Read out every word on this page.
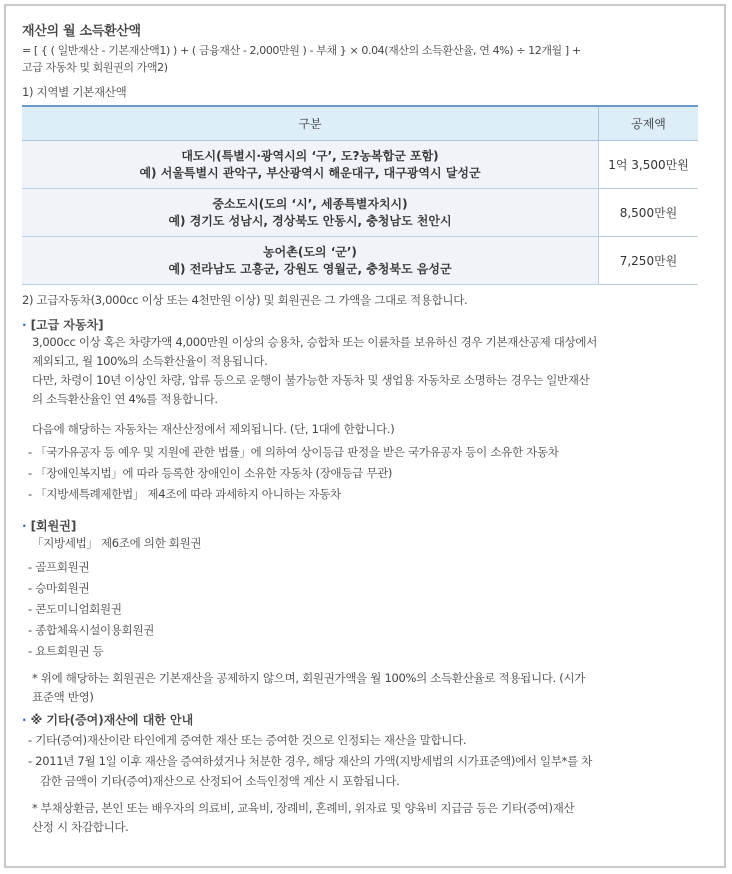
재산의 월 소득환산액
= [ { ( 일반재산 - 기본재산액1) ) + ( 금융재산 - 2,000만원 ) - 부채 } × 0.04(재산의 소득환산율, 연 4%) ÷ 12개월 ] +
고급 자동차 및 회원권의 가액2)
1) 지역별 기본재산액
구분	공제액

대도시(특별시·광역시의 ‘구’, 도?농복합군 포함)
예) 서울특별시 관악구, 부산광역시 해운대구, 대구광역시 달성군	1억 3,500만원

중소도시(도의 ‘시’, 세종특별자치시)
예) 경기도 성남시, 경상북도 안동시, 충청남도 천안시	8,500만원

농어촌(도의 ‘군’)
예) 전라남도 고흥군, 강원도 영월군, 충청북도 음성군	7,250만원
2) 고급자동차(3,000cc 이상 또는 4천만원 이상) 및 회원권은 그 가액을 그대로 적용합니다.
· [고급 자동차]
3,000cc 이상 혹은 차량가액 4,000만원 이상의 승용차, 승합차 또는 이륜차를 보유하신 경우 기본재산공제 대상에서
제외되고, 월 100%의 소득환산율이 적용됩니다.
다만, 차령이 10년 이상인 차량, 압류 등으로 운행이 불가능한 자동차 및 생업용 자동차로 소명하는 경우는 일반재산
의 소득환산율인 연 4%를 적용합니다.
다음에 해당하는 자동차는 재산산정에서 제외됩니다. (단, 1대에 한합니다.)
- 「국가유공자 등 예우 및 지원에 관한 법률」에 의하여 상이등급 판정을 받은 국가유공자 등이 소유한 자동차
- 「장애인복지법」에 따라 등록한 장애인이 소유한 자동차 (장애등급 무관)
- 「지방세특례제한법」 제4조에 따라 과세하지 아니하는 자동차
· [회원권]
「지방세법」 제6조에 의한 회원권
- 골프회원권
- 승마회원권
- 콘도미니엄회원권
- 종합체육시설이용회원권
- 요트회원권 등
* 위에 해당하는 회원권은 기본재산을 공제하지 않으며, 회원권가액을 월 100%의 소득환산율로 적용됩니다. (시가
표준액 반영)
· ※ 기타(증여)재산에 대한 안내
- 기타(증여)재산이란 타인에게 증여한 재산 또는 증여한 것으로 인정되는 재산을 말합니다.
- 2011년 7월 1일 이후 재산을 증여하셨거나 처분한 경우, 해당 재산의 가액(지방세법의 시가표준액)에서 일부*를 차
감한 금액이 기타(증여)재산으로 산정되어 소득인정액 계산 시 포함됩니다.
* 부채상환금, 본인 또는 배우자의 의료비, 교육비, 장례비, 혼례비, 위자료 및 양육비 지급금 등은 기타(증여)재산
산정 시 차감합니다.
